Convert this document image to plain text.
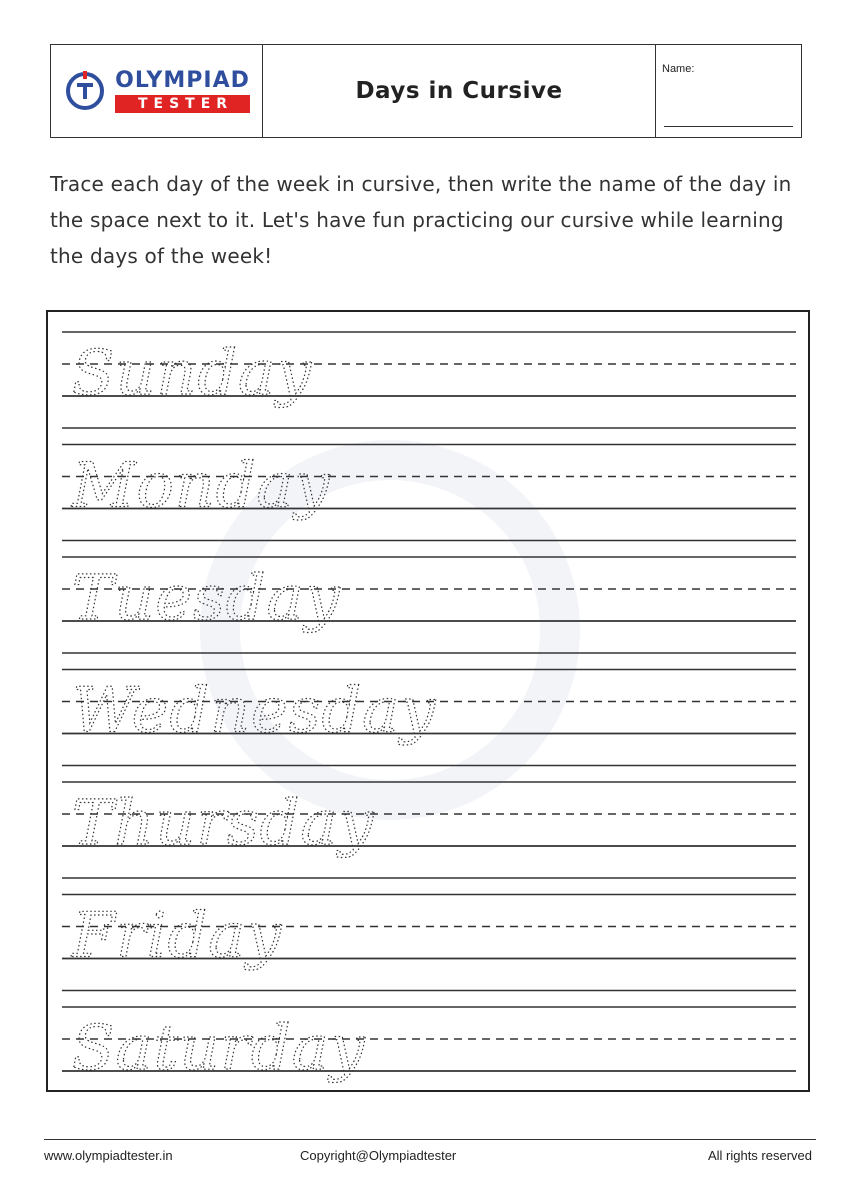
OLYMPIAD
TESTER	Days in Cursive
Name:

Trace each day of the week in cursive, then write the name of the day in the space next to it. Let's have fun practicing our cursive while learning the days of the week!

Sunday
Monday
Tuesday
Wednesday
Thursday
Friday
Saturday
www.olympiadtester.in	Copyright@Olympiadtester	All rights reserved
